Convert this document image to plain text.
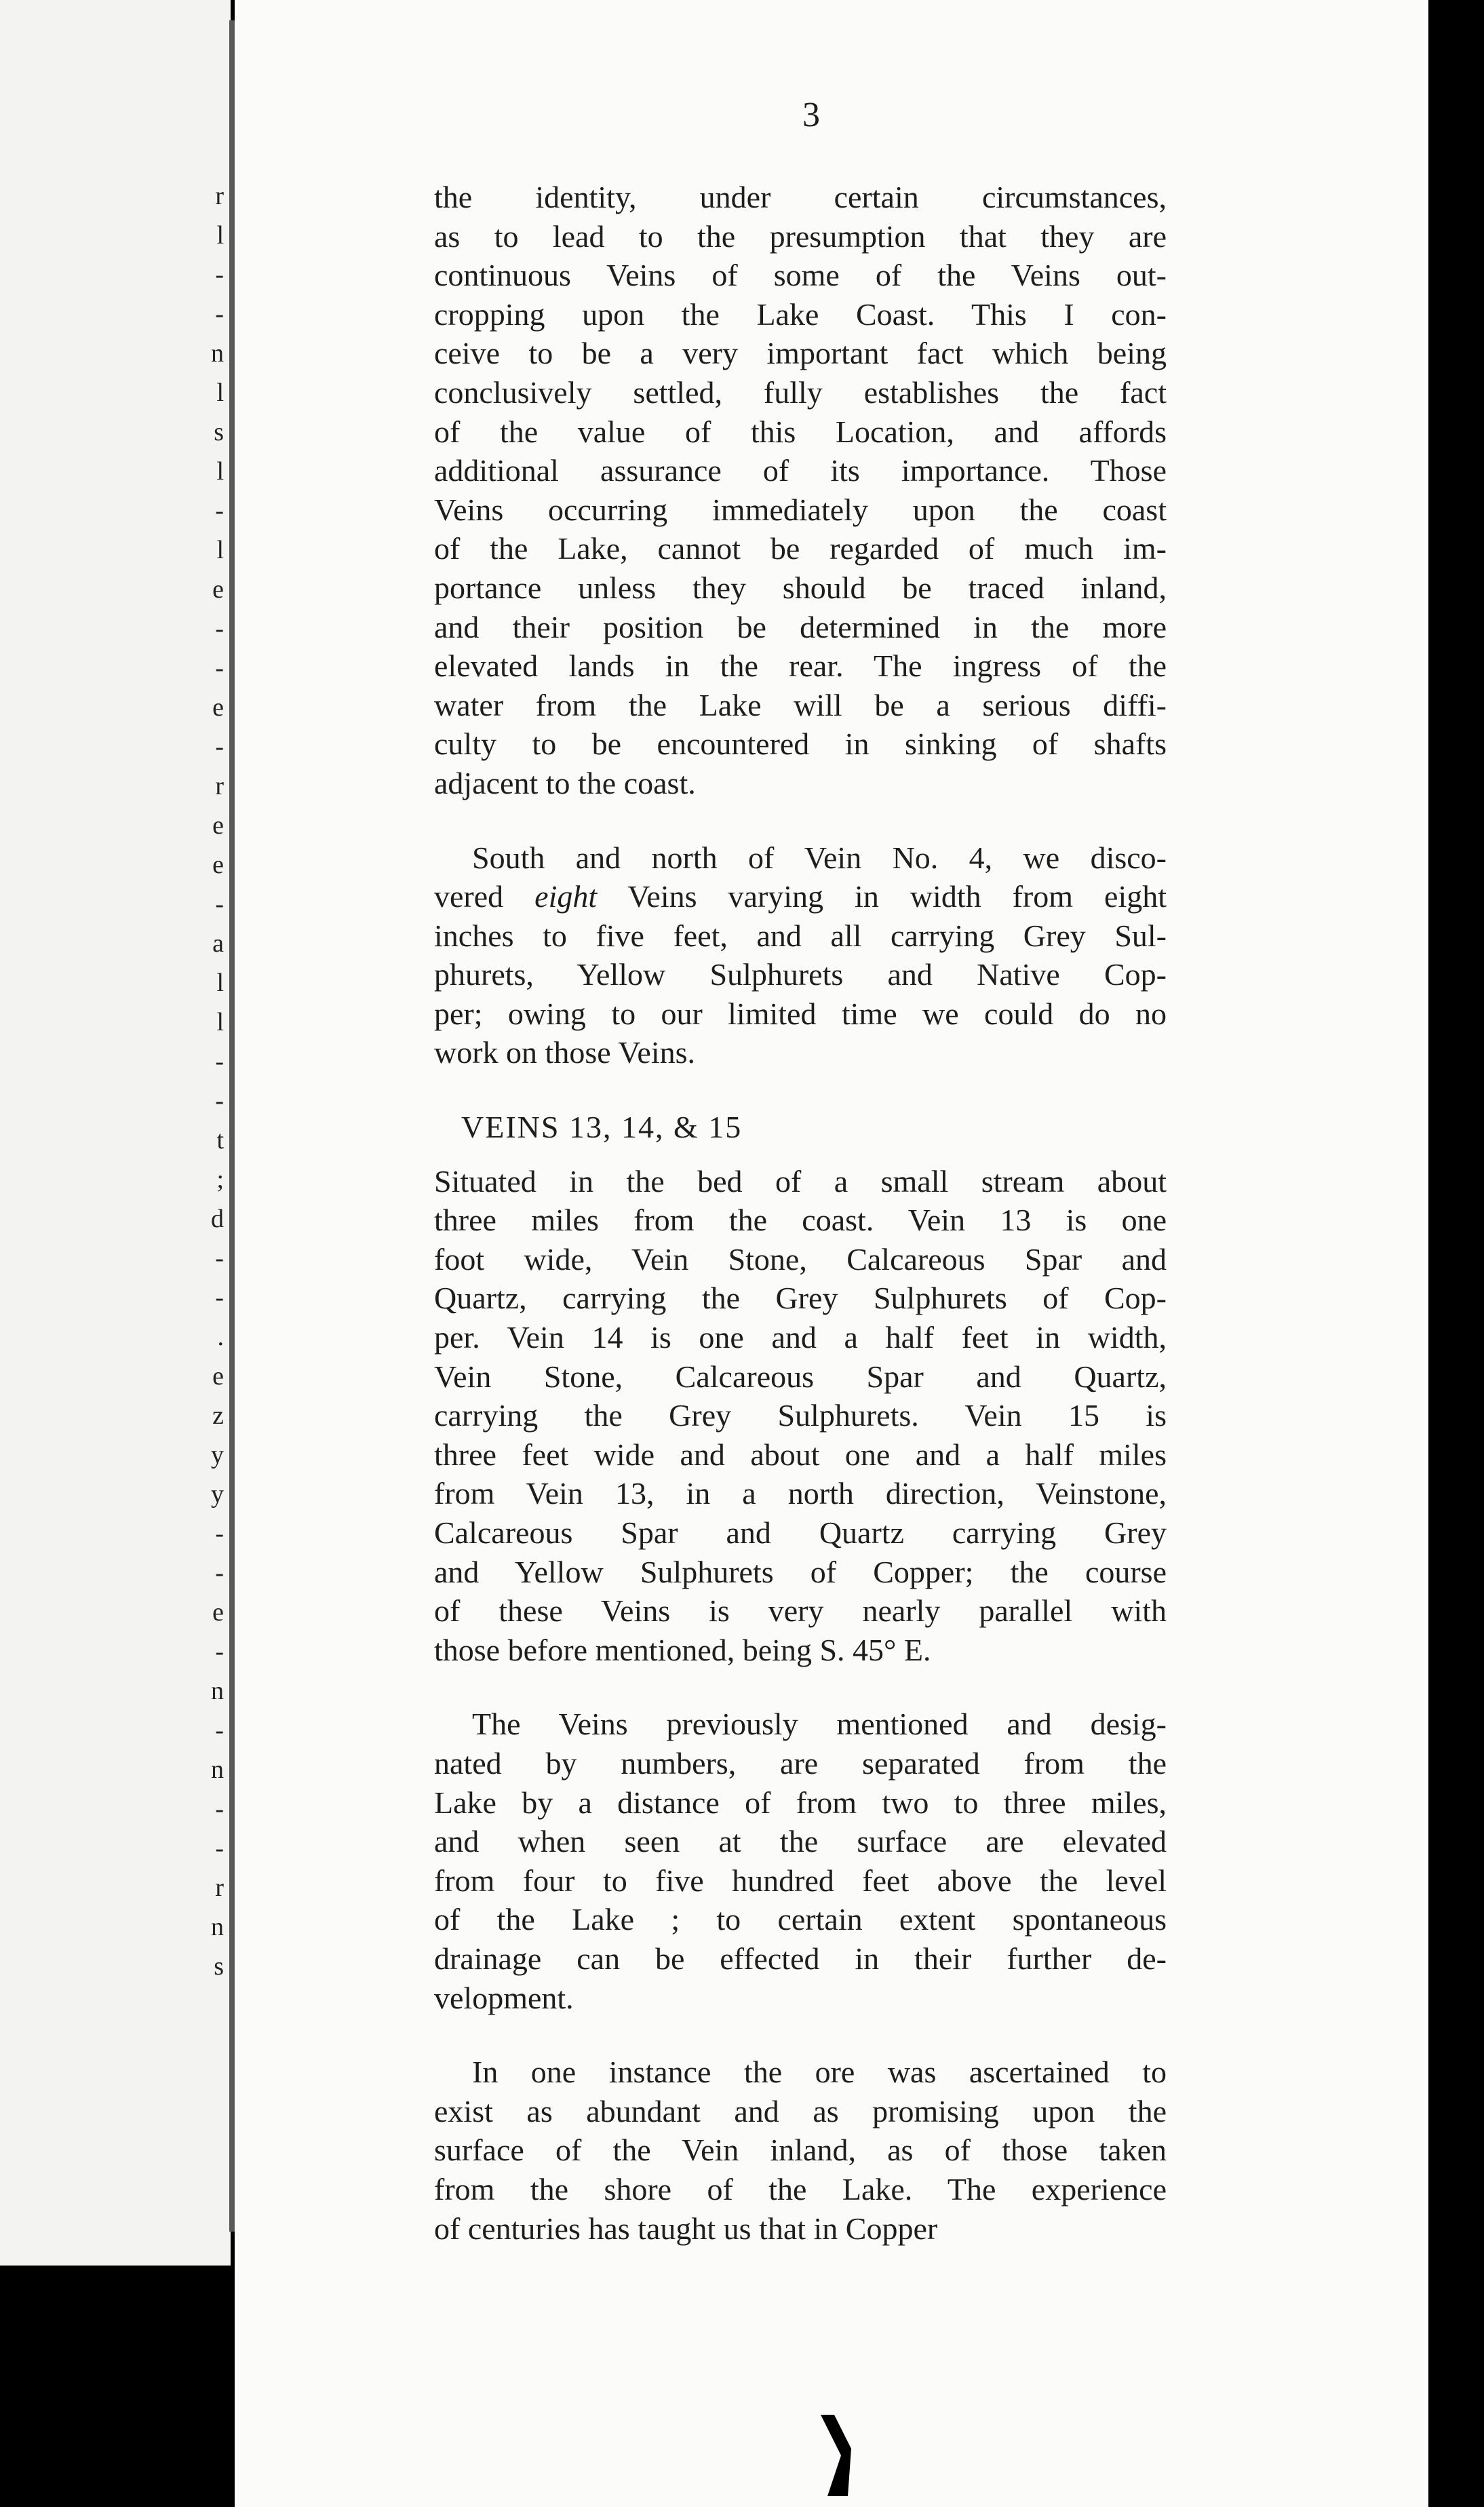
r
l
-
-
n
l
s
l
-
l
e
-
-
e
-
r
e
e
-
a
l
l
-
-
t
;
d
-
-
.
e
z
y
y
-
-
e
-
n
-
n
-
-
r
n
s
3

the identity, under certain circumstances,
as to lead to the presumption that they are
continuous Veins of some of the Veins out-
cropping upon the Lake Coast. This I con-
ceive to be a very important fact which being
conclusively settled, fully establishes the fact
of the value of this Location, and affords
additional assurance of its importance. Those
Veins occurring immediately upon the coast
of the Lake, cannot be regarded of much im-
portance unless they should be traced inland,
and their position be determined in the more
elevated lands in the rear. The ingress of the
water from the Lake will be a serious diffi-
culty to be encountered in sinking of shafts
adjacent to the coast.

South and north of Vein No. 4, we disco-
vered eight Veins varying in width from eight
inches to five feet, and all carrying Grey Sul-
phurets, Yellow Sulphurets and Native Cop-
per; owing to our limited time we could do no
work on those Veins.

VEINS 13, 14, & 15

Situated in the bed of a small stream about
three miles from the coast. Vein 13 is one
foot wide, Vein Stone, Calcareous Spar and
Quartz, carrying the Grey Sulphurets of Cop-
per. Vein 14 is one and a half feet in width,
Vein Stone, Calcareous Spar and Quartz,
carrying the Grey Sulphurets. Vein 15 is
three feet wide and about one and a half miles
from Vein 13, in a north direction, Veinstone,
Calcareous Spar and Quartz carrying Grey
and Yellow Sulphurets of Copper; the course
of these Veins is very nearly parallel with
those before mentioned, being S. 45° E.

The Veins previously mentioned and desig-
nated by numbers, are separated from the
Lake by a distance of from two to three miles,
and when seen at the surface are elevated
from four to five hundred feet above the level
of the Lake ; to certain extent spontaneous
drainage can be effected in their further de-
velopment.

In one instance the ore was ascertained to
exist as abundant and as promising upon the
surface of the Vein inland, as of those taken
from the shore of the Lake. The experience
of centuries has taught us that in Copper
